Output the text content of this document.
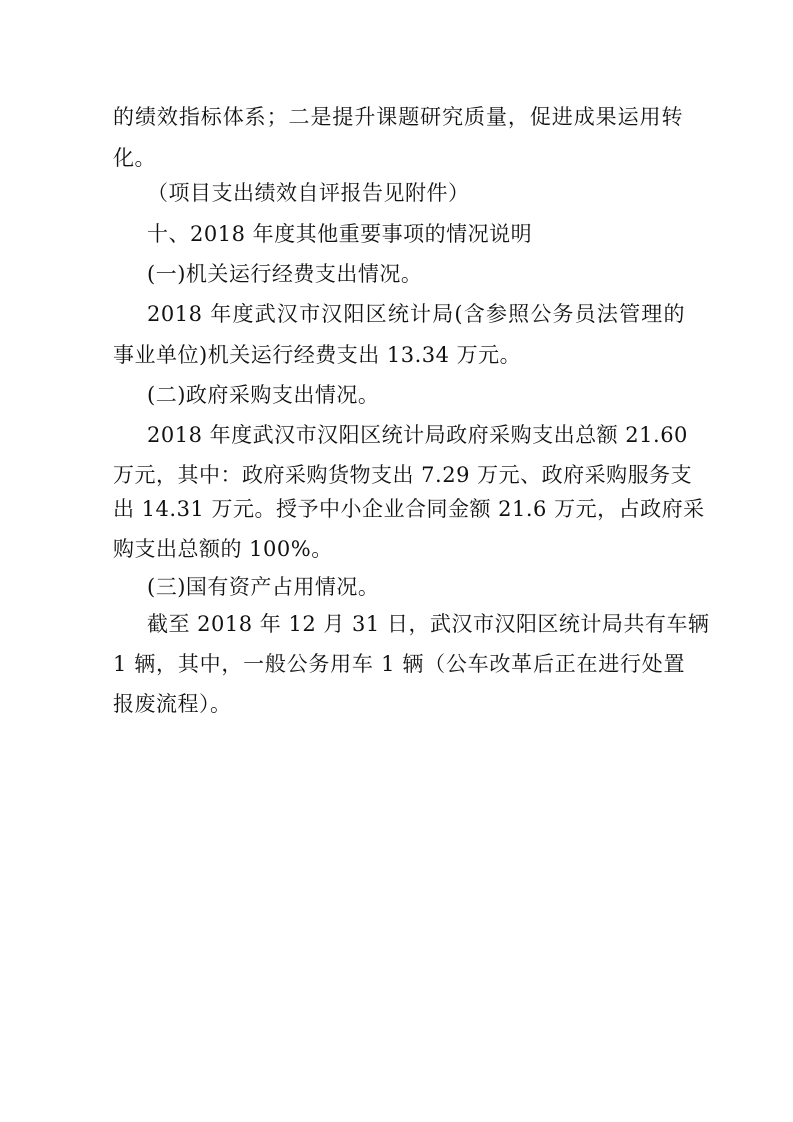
的绩效指标体系；二是提升课题研究质量，促进成果运用转
化。
（项目支出绩效自评报告见附件）
十、2018 年度其他重要事项的情况说明
(一)机关运行经费支出情况。
2018 年度武汉市汉阳区统计局(含参照公务员法管理的
事业单位)机关运行经费支出 13.34 万元。
(二)政府采购支出情况。
2018 年度武汉市汉阳区统计局政府采购支出总额 21.60
万元，其中：政府采购货物支出 7.29 万元、政府采购服务支
出 14.31 万元。授予中小企业合同金额 21.6 万元，占政府采
购支出总额的 100%。
(三)国有资产占用情况。
截至 2018 年 12 月 31 日，武汉市汉阳区统计局共有车辆
1 辆，其中，一般公务用车 1 辆（公车改革后正在进行处置
报废流程）。
